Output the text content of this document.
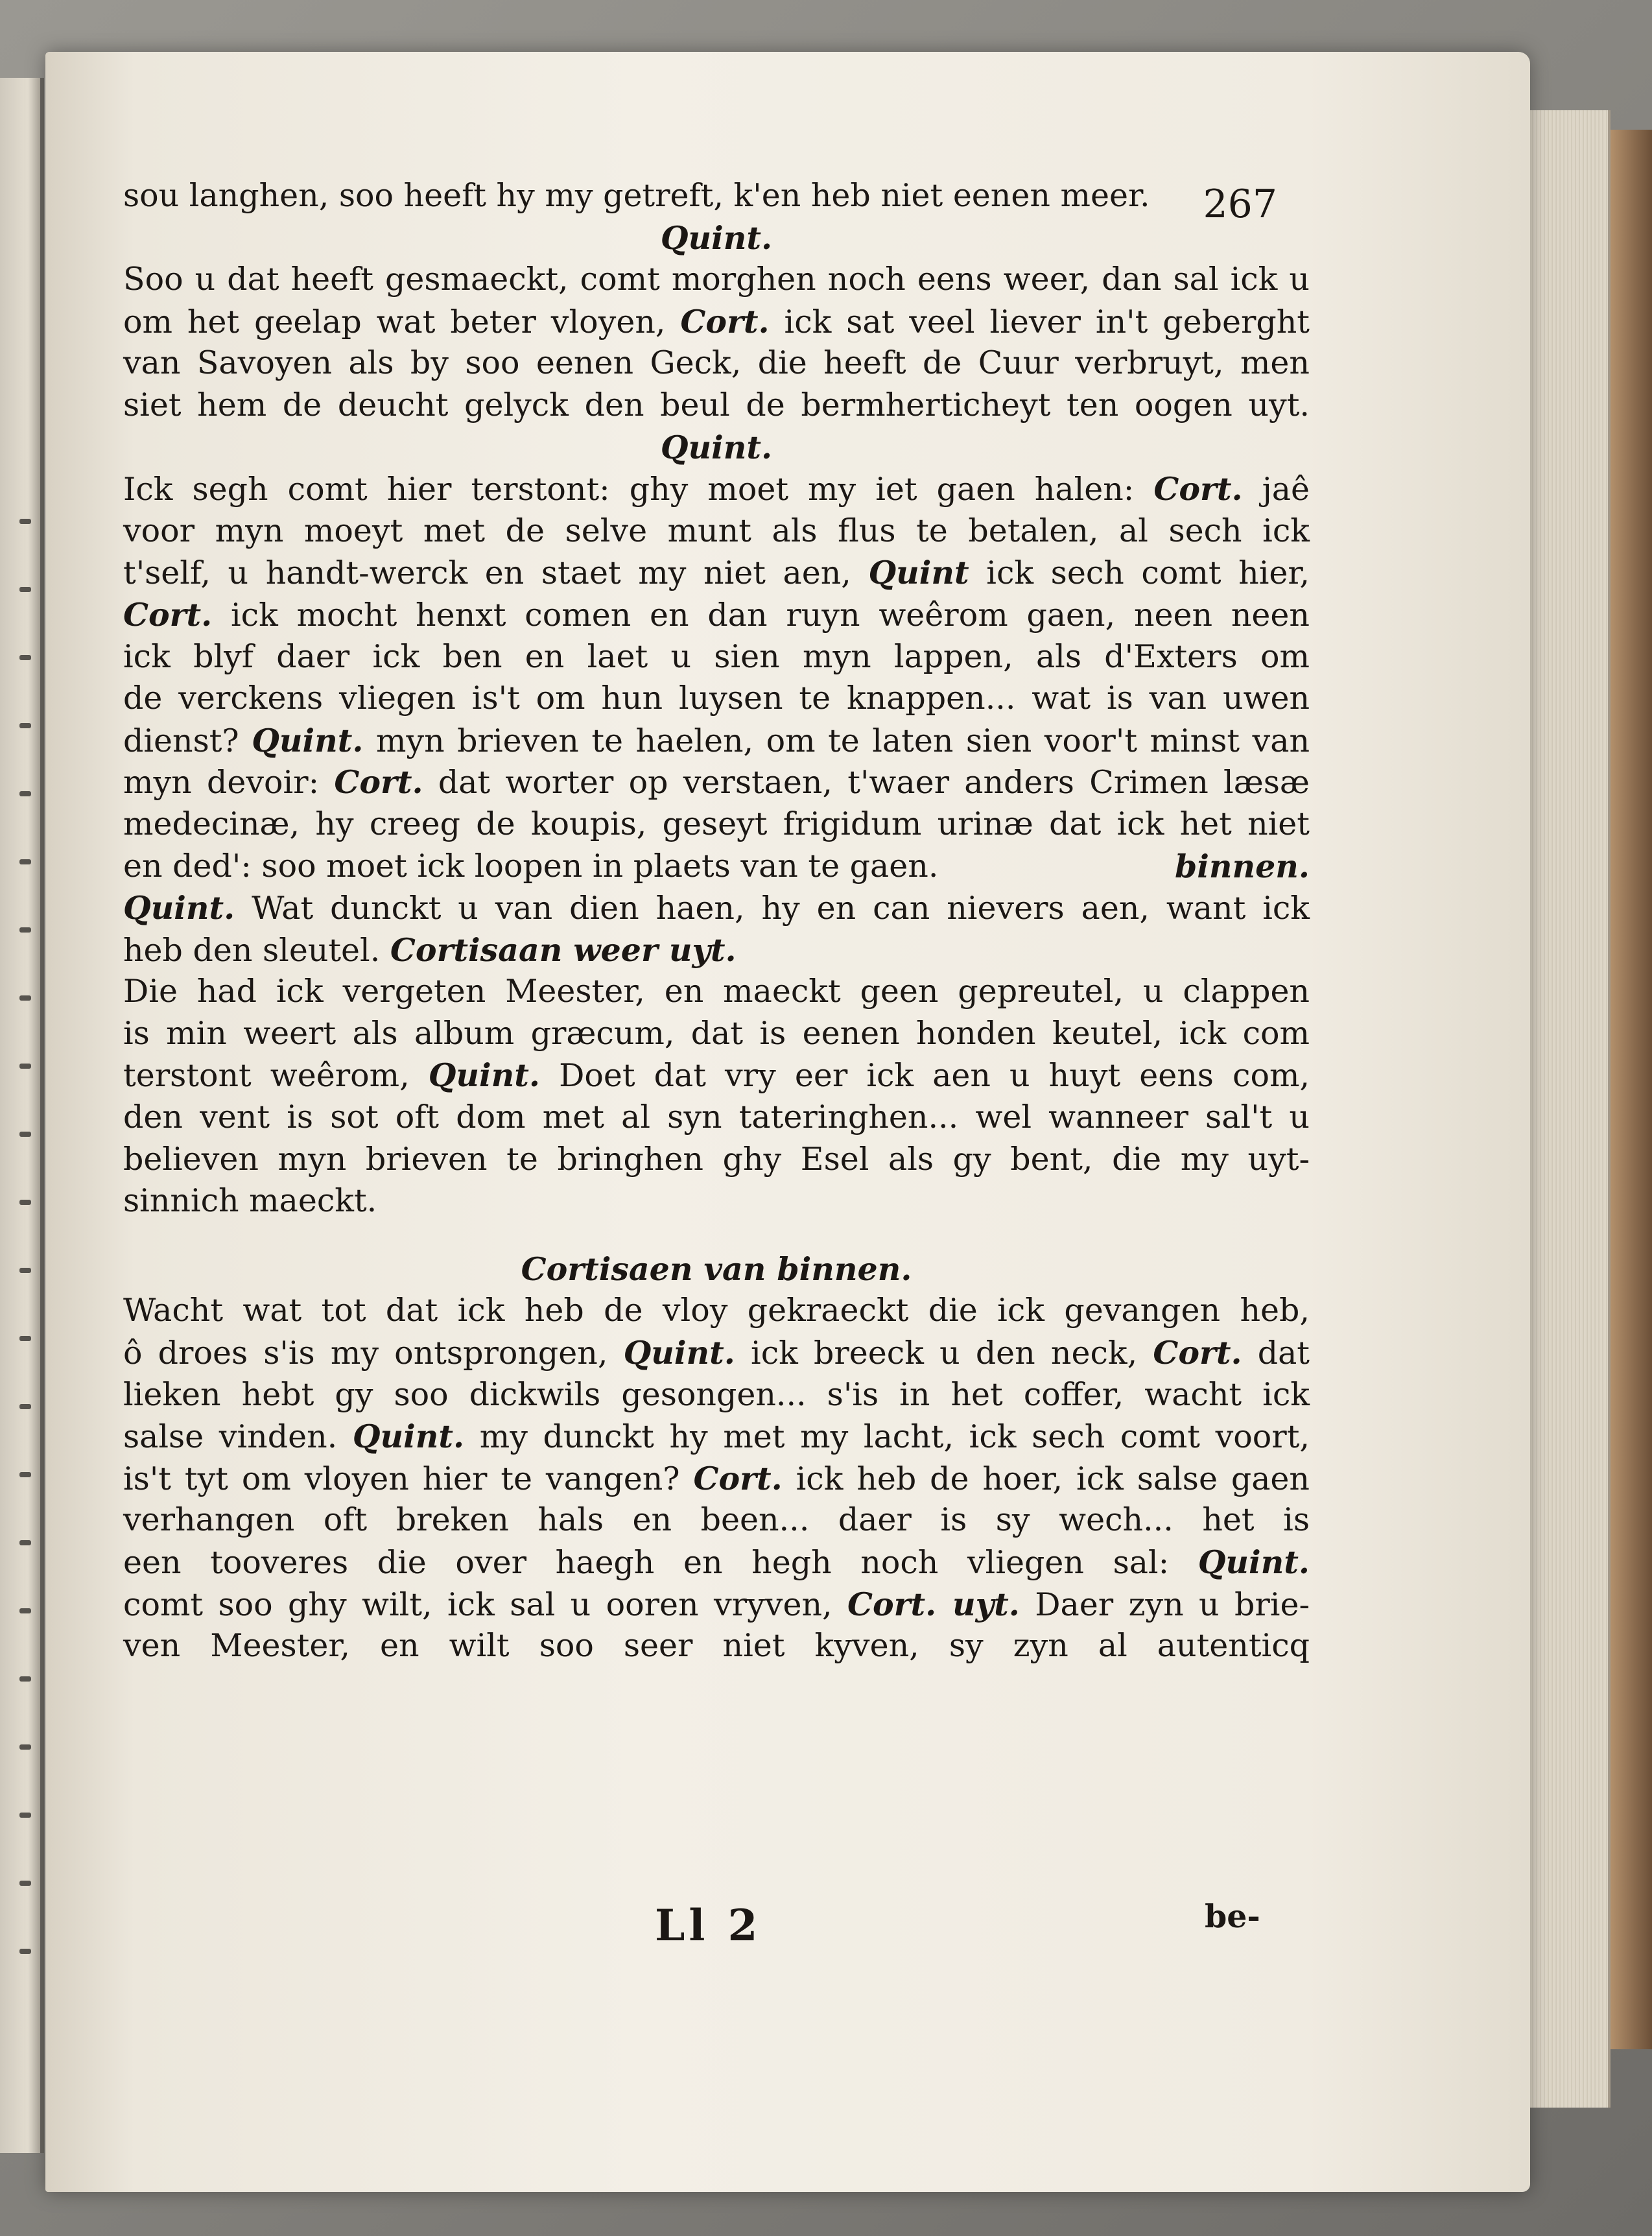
267
sou langhen, soo heeft hy my getreft, k'en heb niet eenen meer.
Quint.
Soo u dat heeft gesmaeckt, comt morghen noch eens weer, dan sal ick u
om het geelap wat beter vloyen, Cort. ick sat veel liever in't geberght
van Savoyen als by soo eenen Geck, die heeft de Cuur verbruyt, men
siet hem de deucht gelyck den beul de bermherticheyt ten oogen uyt.
Quint.
Ick segh comt hier terstont: ghy moet my iet gaen halen: Cort. jaê
voor myn moeyt met de selve munt als flus te betalen, al sech ick
t'self, u handt-werck en staet my niet aen, Quint ick sech comt hier,
Cort. ick mocht henxt comen en dan ruyn weêrom gaen, neen neen
ick blyf daer ick ben en laet u sien myn lappen, als d'Exters om
de verckens vliegen is't om hun luysen te knappen... wat is van uwen
dienst? Quint. myn brieven te haelen, om te laten sien voor't minst van
myn devoir: Cort. dat worter op verstaen, t'waer anders Crimen læsæ
medecinæ, hy creeg de koupis, geseyt frigidum urinæ dat ick het niet
en ded': soo moet ick loopen in plaets van te gaen.	binnen.
Quint. Wat dunckt u van dien haen, hy en can nievers aen, want ick
heb den sleutel. Cortisaan weer uyt.
Die had ick vergeten Meester, en maeckt geen gepreutel, u clappen
is min weert als album græcum, dat is eenen honden keutel, ick com
terstont weêrom, Quint. Doet dat vry eer ick aen u huyt eens com,
den vent is sot oft dom met al syn tateringhen... wel wanneer sal't u
believen myn brieven te bringhen ghy Esel als gy bent, die my uyt-
sinnich maeckt.
Cortisaen van binnen.
Wacht wat tot dat ick heb de vloy gekraeckt die ick gevangen heb,
ô droes s'is my ontsprongen, Quint. ick breeck u den neck, Cort. dat
lieken hebt gy soo dickwils gesongen... s'is in het coffer, wacht ick
salse vinden. Quint. my dunckt hy met my lacht, ick sech comt voort,
is't tyt om vloyen hier te vangen? Cort. ick heb de hoer, ick salse gaen
verhangen oft breken hals en been... daer is sy wech... het is
een tooveres die over haegh en hegh noch vliegen sal: Quint.
comt soo ghy wilt, ick sal u ooren vryven, Cort. uyt. Daer zyn u brie-
ven Meester, en wilt soo seer niet kyven, sy zyn al autenticq
Ll 2	be-
